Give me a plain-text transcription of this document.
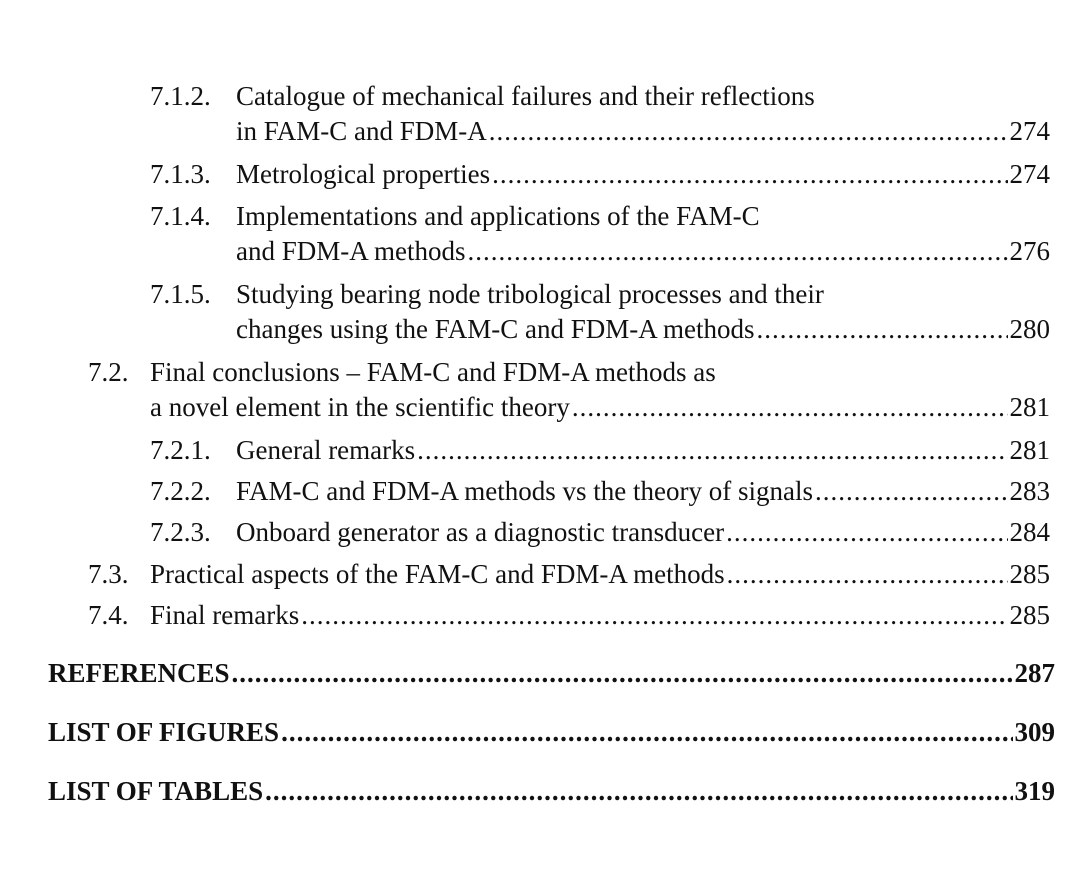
7.1.2. Catalogue of mechanical failures and their reflections
in FAM-C and FDM-A .....	274
7.1.3. Metrological properties .....	274
7.1.4. Implementations and applications of the FAM-C
and FDM-A methods .....	276
7.1.5. Studying bearing node tribological processes and their
changes using the FAM-C and FDM-A methods .....	280
7.2. Final conclusions – FAM-C and FDM-A methods as
a novel element in the scientific theory .....	281
7.2.1. General remarks .....	281
7.2.2. FAM-C and FDM-A methods vs the theory of signals .....	283
7.2.3. Onboard generator as a diagnostic transducer .....	284
7.3. Practical aspects of the FAM-C and FDM-A methods .....	285
7.4. Final remarks .....	285
REFERENCES .....	287
LIST OF FIGURES .....	309
LIST OF TABLES .....	319
